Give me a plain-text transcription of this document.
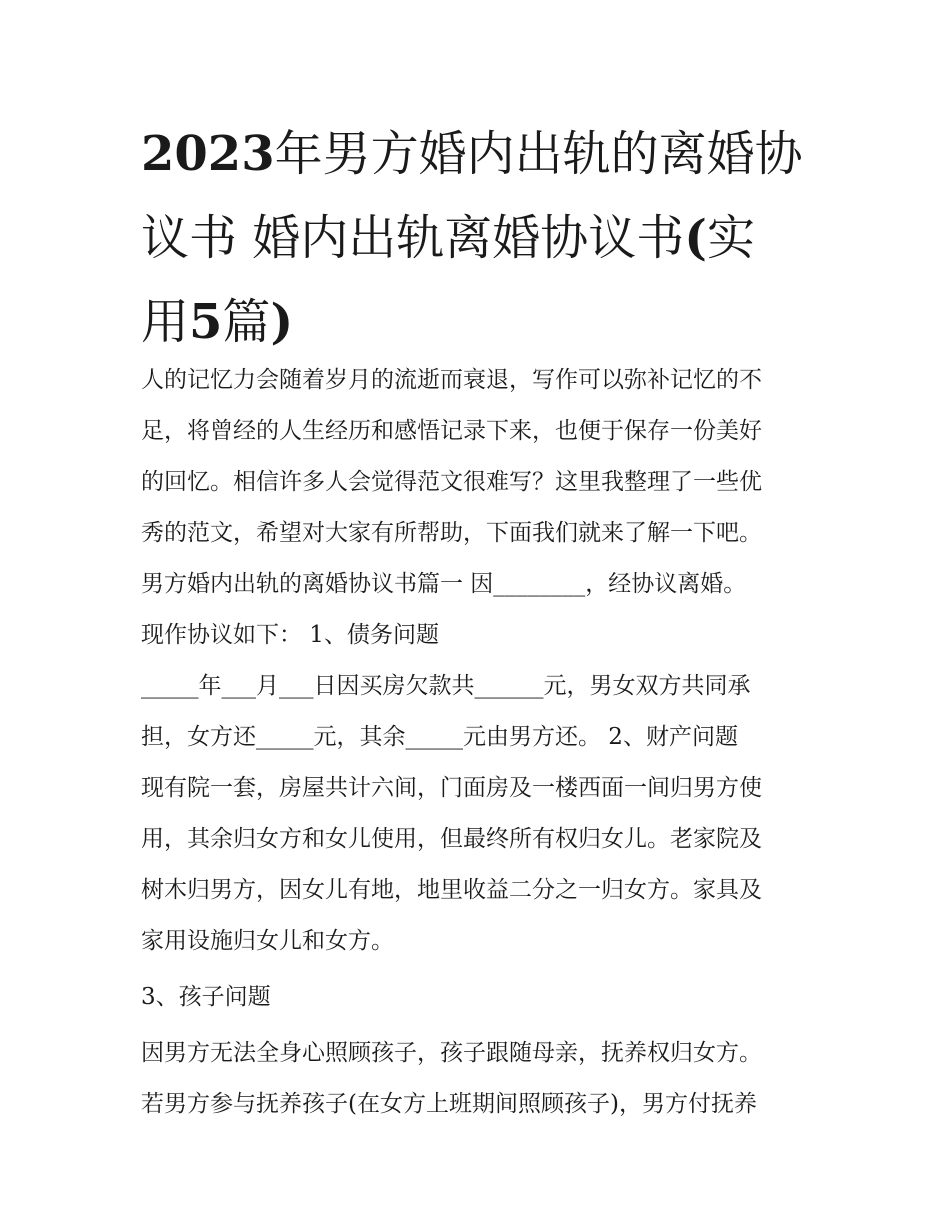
2023年男方婚内出轨的离婚协
议书 婚内出轨离婚协议书(实
用5篇)
人的记忆力会随着岁月的流逝而衰退，写作可以弥补记忆的不
足，将曾经的人生经历和感悟记录下来，也便于保存一份美好
的回忆。相信许多人会觉得范文很难写？这里我整理了一些优
秀的范文，希望对大家有所帮助，下面我们就来了解一下吧。
男方婚内出轨的离婚协议书篇一 因________，经协议离婚。
现作协议如下： 1、债务问题
_____年___月___日因买房欠款共______元，男女双方共同承
担，女方还_____元，其余_____元由男方还。 2、财产问题
现有院一套，房屋共计六间，门面房及一楼西面一间归男方使
用，其余归女方和女儿使用，但最终所有权归女儿。老家院及
树木归男方，因女儿有地，地里收益二分之一归女方。家具及
家用设施归女儿和女方。
3、孩子问题
因男方无法全身心照顾孩子，孩子跟随母亲，抚养权归女方。
若男方参与抚养孩子(在女方上班期间照顾孩子)，男方付抚养
